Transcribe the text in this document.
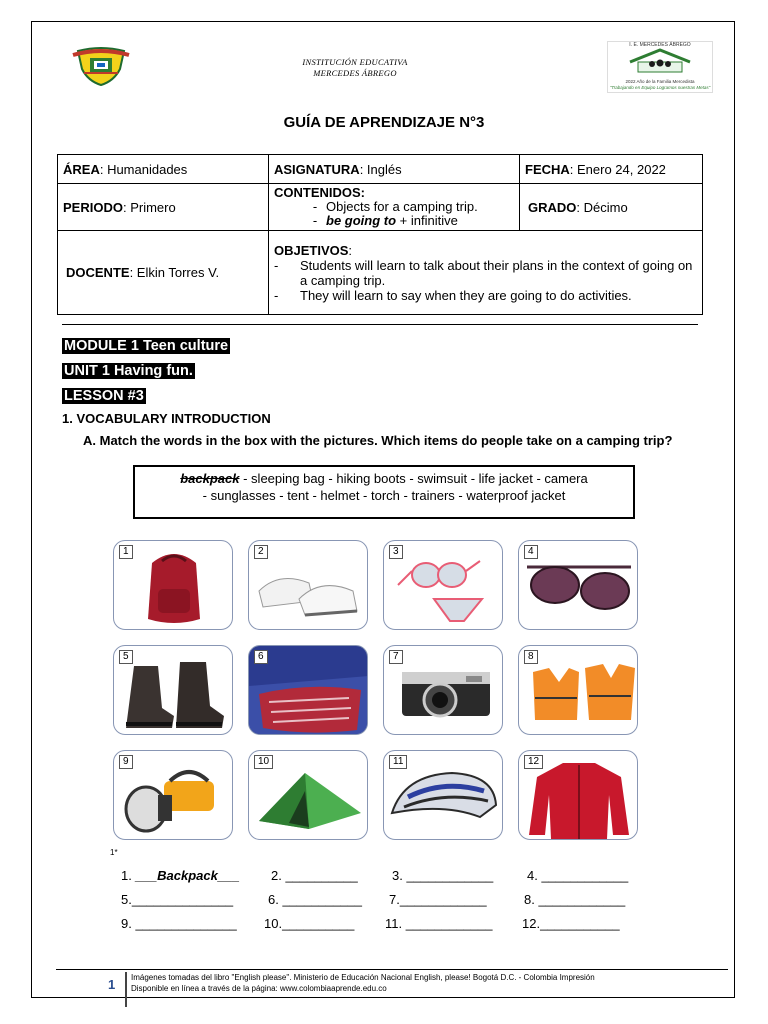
INSTITUCIÓN EDUCATIVA
MERCEDES ÁBREGO
I. E. MERCEDES ÁBREGO
2022 Año de la Familia Mercedista
"Trabajando en Equipo Logramos nuestras Metas"
GUÍA DE APRENDIZAJE N°3
ÁREA: Humanidades	ASIGNATURA: Inglés	FECHA: Enero 24, 2022
PERIODO: Primero	CONTENIDOS:
- Objects for a camping trip.
- be going to + infinitive	GRADO: Décimo
DOCENTE: Elkin Torres V.	OBJETIVOS:

- Students will learn to talk about their plans in the context of going on a camping trip.
- They will learn to say when they are going to do activities.	
MODULE 1 Teen culture
UNIT 1 Having fun.
LESSON #3
1. VOCABULARY INTRODUCTION
A. Match the words in the box with the pictures. Which items do people take on a camping trip?
backpack - sleeping bag - hiking boots - swimsuit - life jacket - camera
- sunglasses - tent - helmet - torch - trainers - waterproof jacket
1	2	3	4
5	6	7	8
9	10	11	12
1*
1. ___Backpack___ 2. __________	3. ____________	4. ____________
5.______________	6. ___________ 7.____________	8. ____________
9. ______________ 10.__________ 11. ____________ 12.___________
1 Imágenes tomadas del libro "English please". Ministerio de Educación Nacional English, please! Bogotá D.C. - Colombia Impresión
Disponible en línea a través de la página: www.colombiaaprende.edu.co
